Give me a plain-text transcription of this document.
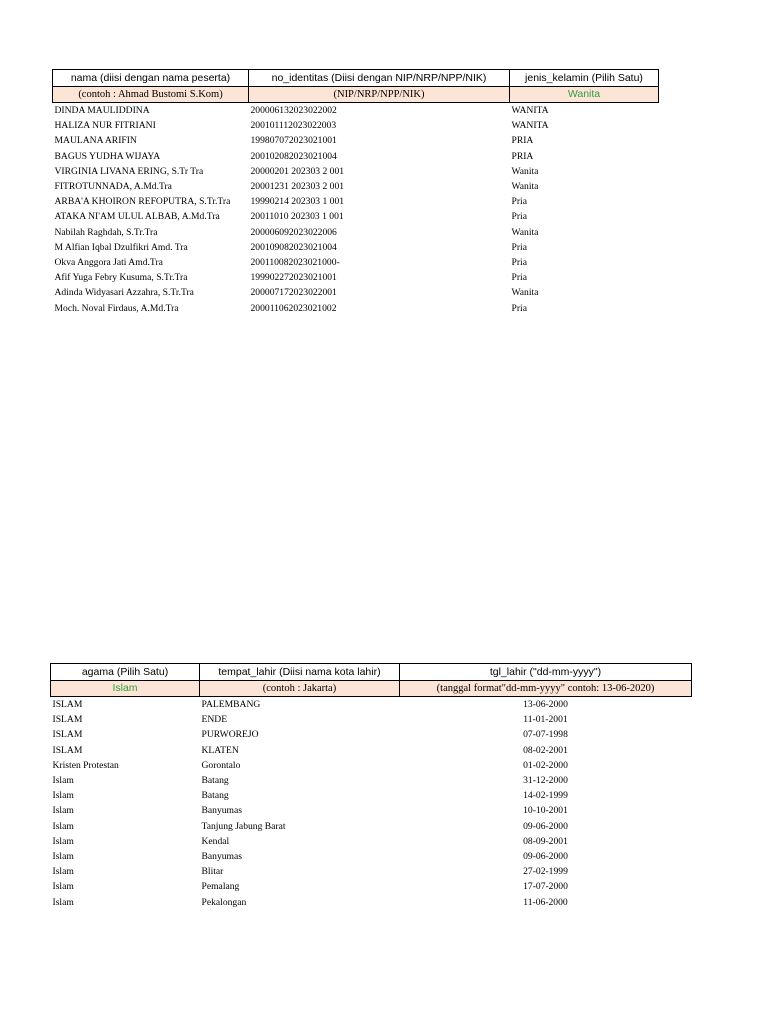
nama (diisi dengan nama peserta)	no_identitas (Diisi dengan NIP/NRP/NPP/NIK)	jenis_kelamin (Pilih Satu)
(contoh : Ahmad Bustomi S.Kom)	(NIP/NRP/NPP/NIK)	Wanita
DINDA MAULIDDINA	200006132023022002	WANITA
HALIZA NUR FITRIANI	200101112023022003	WANITA
MAULANA ARIFIN	199807072023021001	PRIA
BAGUS YUDHA WIJAYA	200102082023021004	PRIA
VIRGINIA LIVANA ERING, S.Tr Tra	20000201 202303 2 001	Wanita
FITROTUNNADA, A.Md.Tra	20001231 202303 2 001	Wanita
ARBA'A KHOIRON REFOPUTRA, S.Tr.Tra	19990214 202303 1 001	Pria
ATAKA NI'AM ULUL ALBAB, A.Md.Tra	20011010 202303 1 001	Pria
Nabilah Raghdah, S.Tr.Tra	200006092023022006	Wanita
M Alfian Iqbal Dzulfikri Amd. Tra	200109082023021004	Pria
Okva Anggora Jati Amd.Tra	200110082023021000-	Pria
Afif Yuga Febry Kusuma, S.Tr.Tra	199902272023021001	Pria
Adinda Widyasari Azzahra, S.Tr.Tra	200007172023022001	Wanita
Moch. Noval Firdaus, A.Md.Tra	200011062023021002	Pria
agama (Pilih Satu)	tempat_lahir (Diisi nama kota lahir)	tgl_lahir ("dd-mm-yyyy")
Islam	(contoh : Jakarta)	(tanggal format"dd-mm-yyyy" contoh: 13-06-2020)
ISLAM	PALEMBANG	13-06-2000
ISLAM	ENDE	11-01-2001
ISLAM	PURWOREJO	07-07-1998
ISLAM	KLATEN	08-02-2001
Kristen Protestan	Gorontalo	01-02-2000
Islam	Batang	31-12-2000
Islam	Batang	14-02-1999
Islam	Banyumas	10-10-2001
Islam	Tanjung Jabung Barat	09-06-2000
Islam	Kendal	08-09-2001
Islam	Banyumas	09-06-2000
Islam	Blitar	27-02-1999
Islam	Pemalang	17-07-2000
Islam	Pekalongan	11-06-2000
